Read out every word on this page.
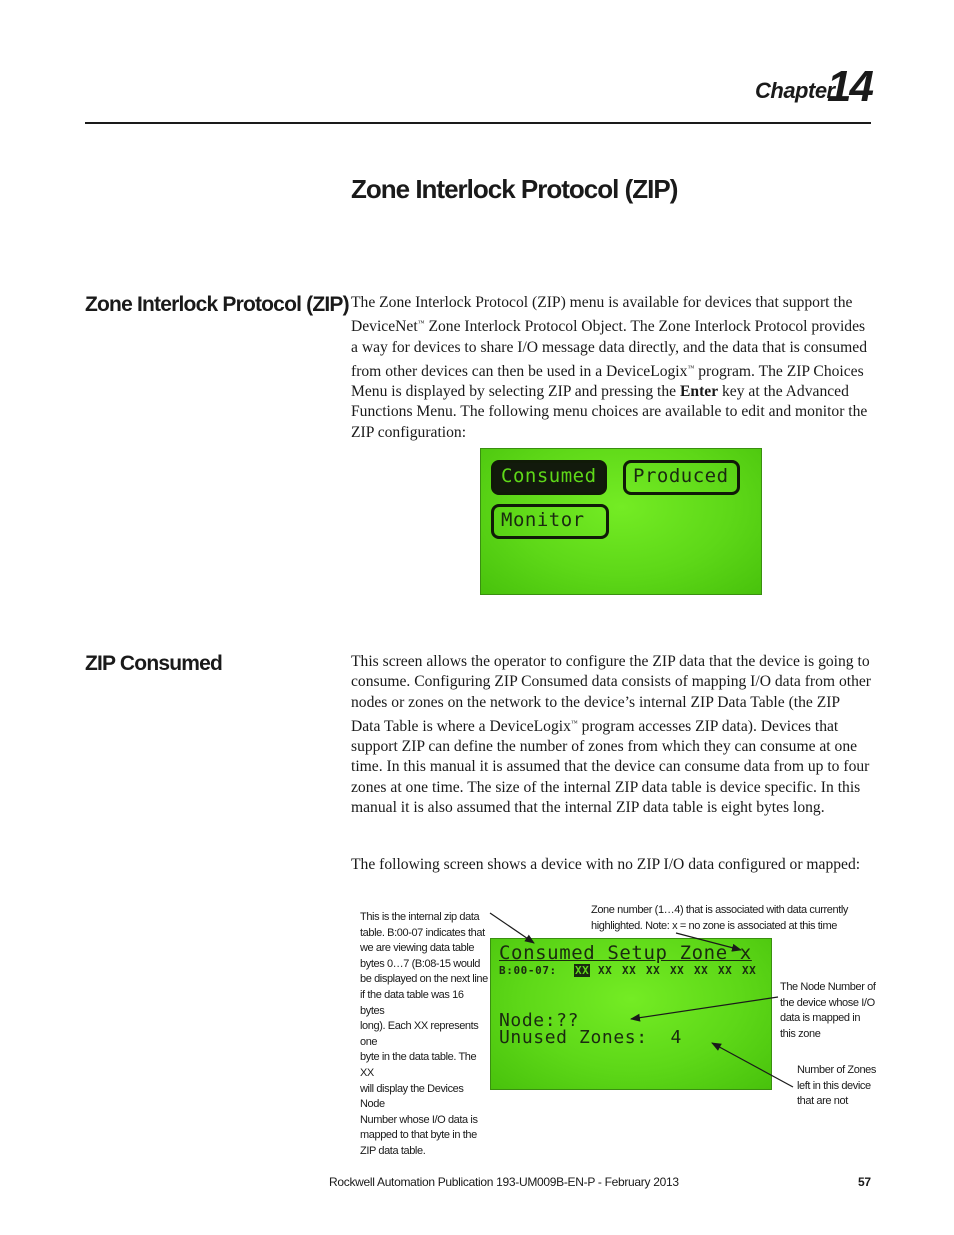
Chapter
14
Zone Interlock Protocol (ZIP)
Zone Interlock Protocol (ZIP) The Zone Interlock Protocol (ZIP) menu is available for devices that support the DeviceNet™ Zone Interlock Protocol Object. The Zone Interlock Protocol provides a way for devices to share I/O message data directly, and the data that is consumed from other devices can then be used in a DeviceLogix™ program. The ZIP Choices Menu is displayed by selecting ZIP and pressing the Enter key at the Advanced Functions Menu. The following menu choices are available to edit and monitor the ZIP configuration:
Consumed	Produced
Monitor
ZIP Consumed	This screen allows the operator to configure the ZIP data that the device is going to consume. Configuring ZIP Consumed data consists of mapping I/O data from other nodes or zones on the network to the device’s internal ZIP Data Table (the ZIP Data Table is where a DeviceLogix™ program accesses ZIP data). Devices that support ZIP can define the number of zones from which they can consume at one time. In this manual it is assumed that the device can consume data from up to four zones at one time. The size of the internal ZIP data table is device specific. In this manual it is also assumed that the internal ZIP data table is eight bytes long.
The following screen shows a device with no ZIP I/O data configured or mapped:
Consumed Setup Zone x
B:00-07: XX XX XX XX XX XX XX XX
Node:??
Unused Zones:  4
This is the internal zip data
table. B:00-07 indicates that
we are viewing data table
bytes 0…7 (B:08-15 would
be displayed on the next line
if the data table was 16 bytes
long). Each XX represents one
byte in the data table. The XX
will display the Devices Node
Number whose I/O data is
mapped to that byte in the
ZIP data table.
Zone number (1…4) that is associated with data currently
highlighted. Note: x = no zone is associated at this time
The Node Number of
the device whose I/O
data is mapped in
this zone
Number of Zones
left in this device
that are not
Rockwell Automation Publication 193-UM009B-EN-P - February 2013	57
